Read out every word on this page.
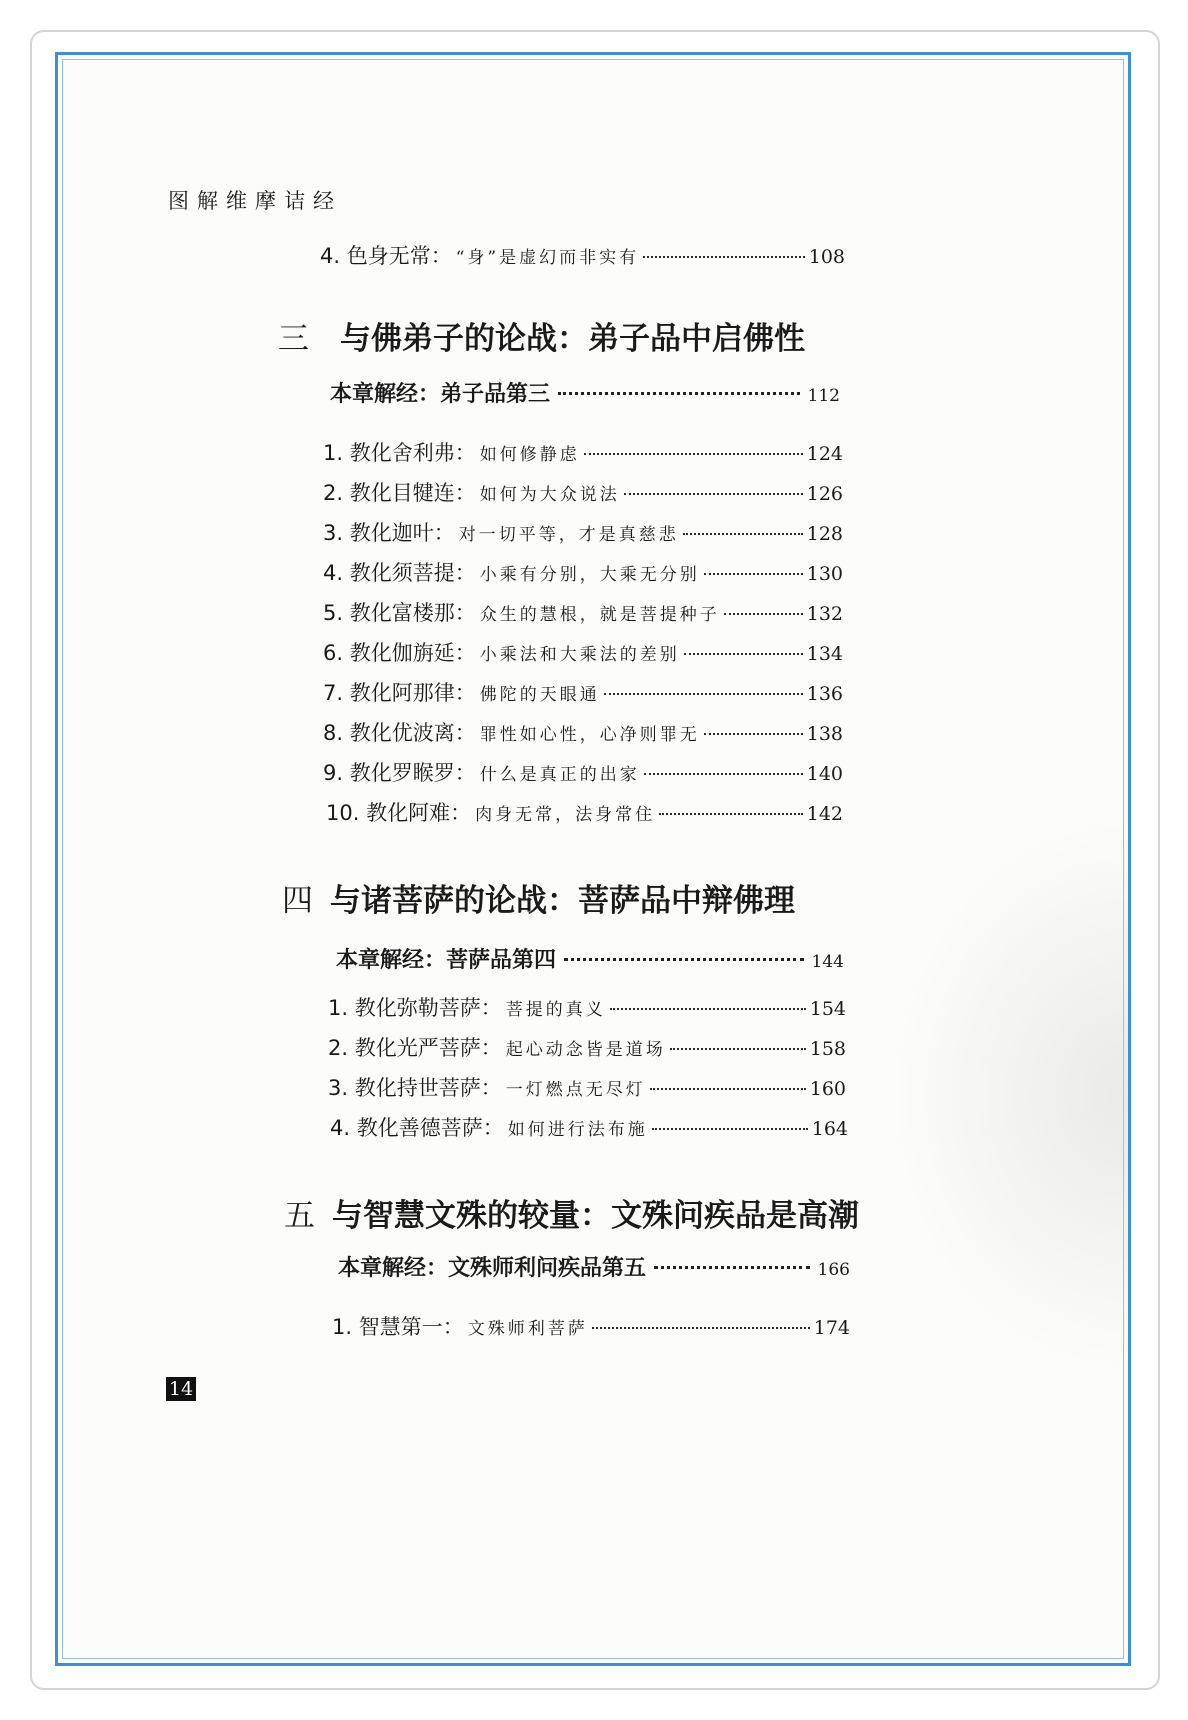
图解维摩诘经
4. 色身无常： “身”是虚幻而非实有	108
三 与佛弟子的论战：弟子品中启佛性
本章解经：弟子品第三	112
1. 教化舍利弗： 如何修静虑	124
2. 教化目犍连： 如何为大众说法	126
3. 教化迦叶： 对一切平等，才是真慈悲	128
4. 教化须菩提： 小乘有分别，大乘无分别	130
5. 教化富楼那： 众生的慧根，就是菩提种子	132
6. 教化伽旃延： 小乘法和大乘法的差别	134
7. 教化阿那律： 佛陀的天眼通	136
8. 教化优波离： 罪性如心性，心净则罪无	138
9. 教化罗睺罗： 什么是真正的出家	140
10. 教化阿难： 肉身无常，法身常住	142
四 与诸菩萨的论战：菩萨品中辩佛理
本章解经：菩萨品第四	144
1. 教化弥勒菩萨： 菩提的真义	154
2. 教化光严菩萨： 起心动念皆是道场	158
3. 教化持世菩萨： 一灯燃点无尽灯	160
4. 教化善德菩萨： 如何进行法布施	164
五 与智慧文殊的较量：文殊问疾品是高潮
本章解经：文殊师利问疾品第五	166
1. 智慧第一： 文殊师利菩萨	174
14
